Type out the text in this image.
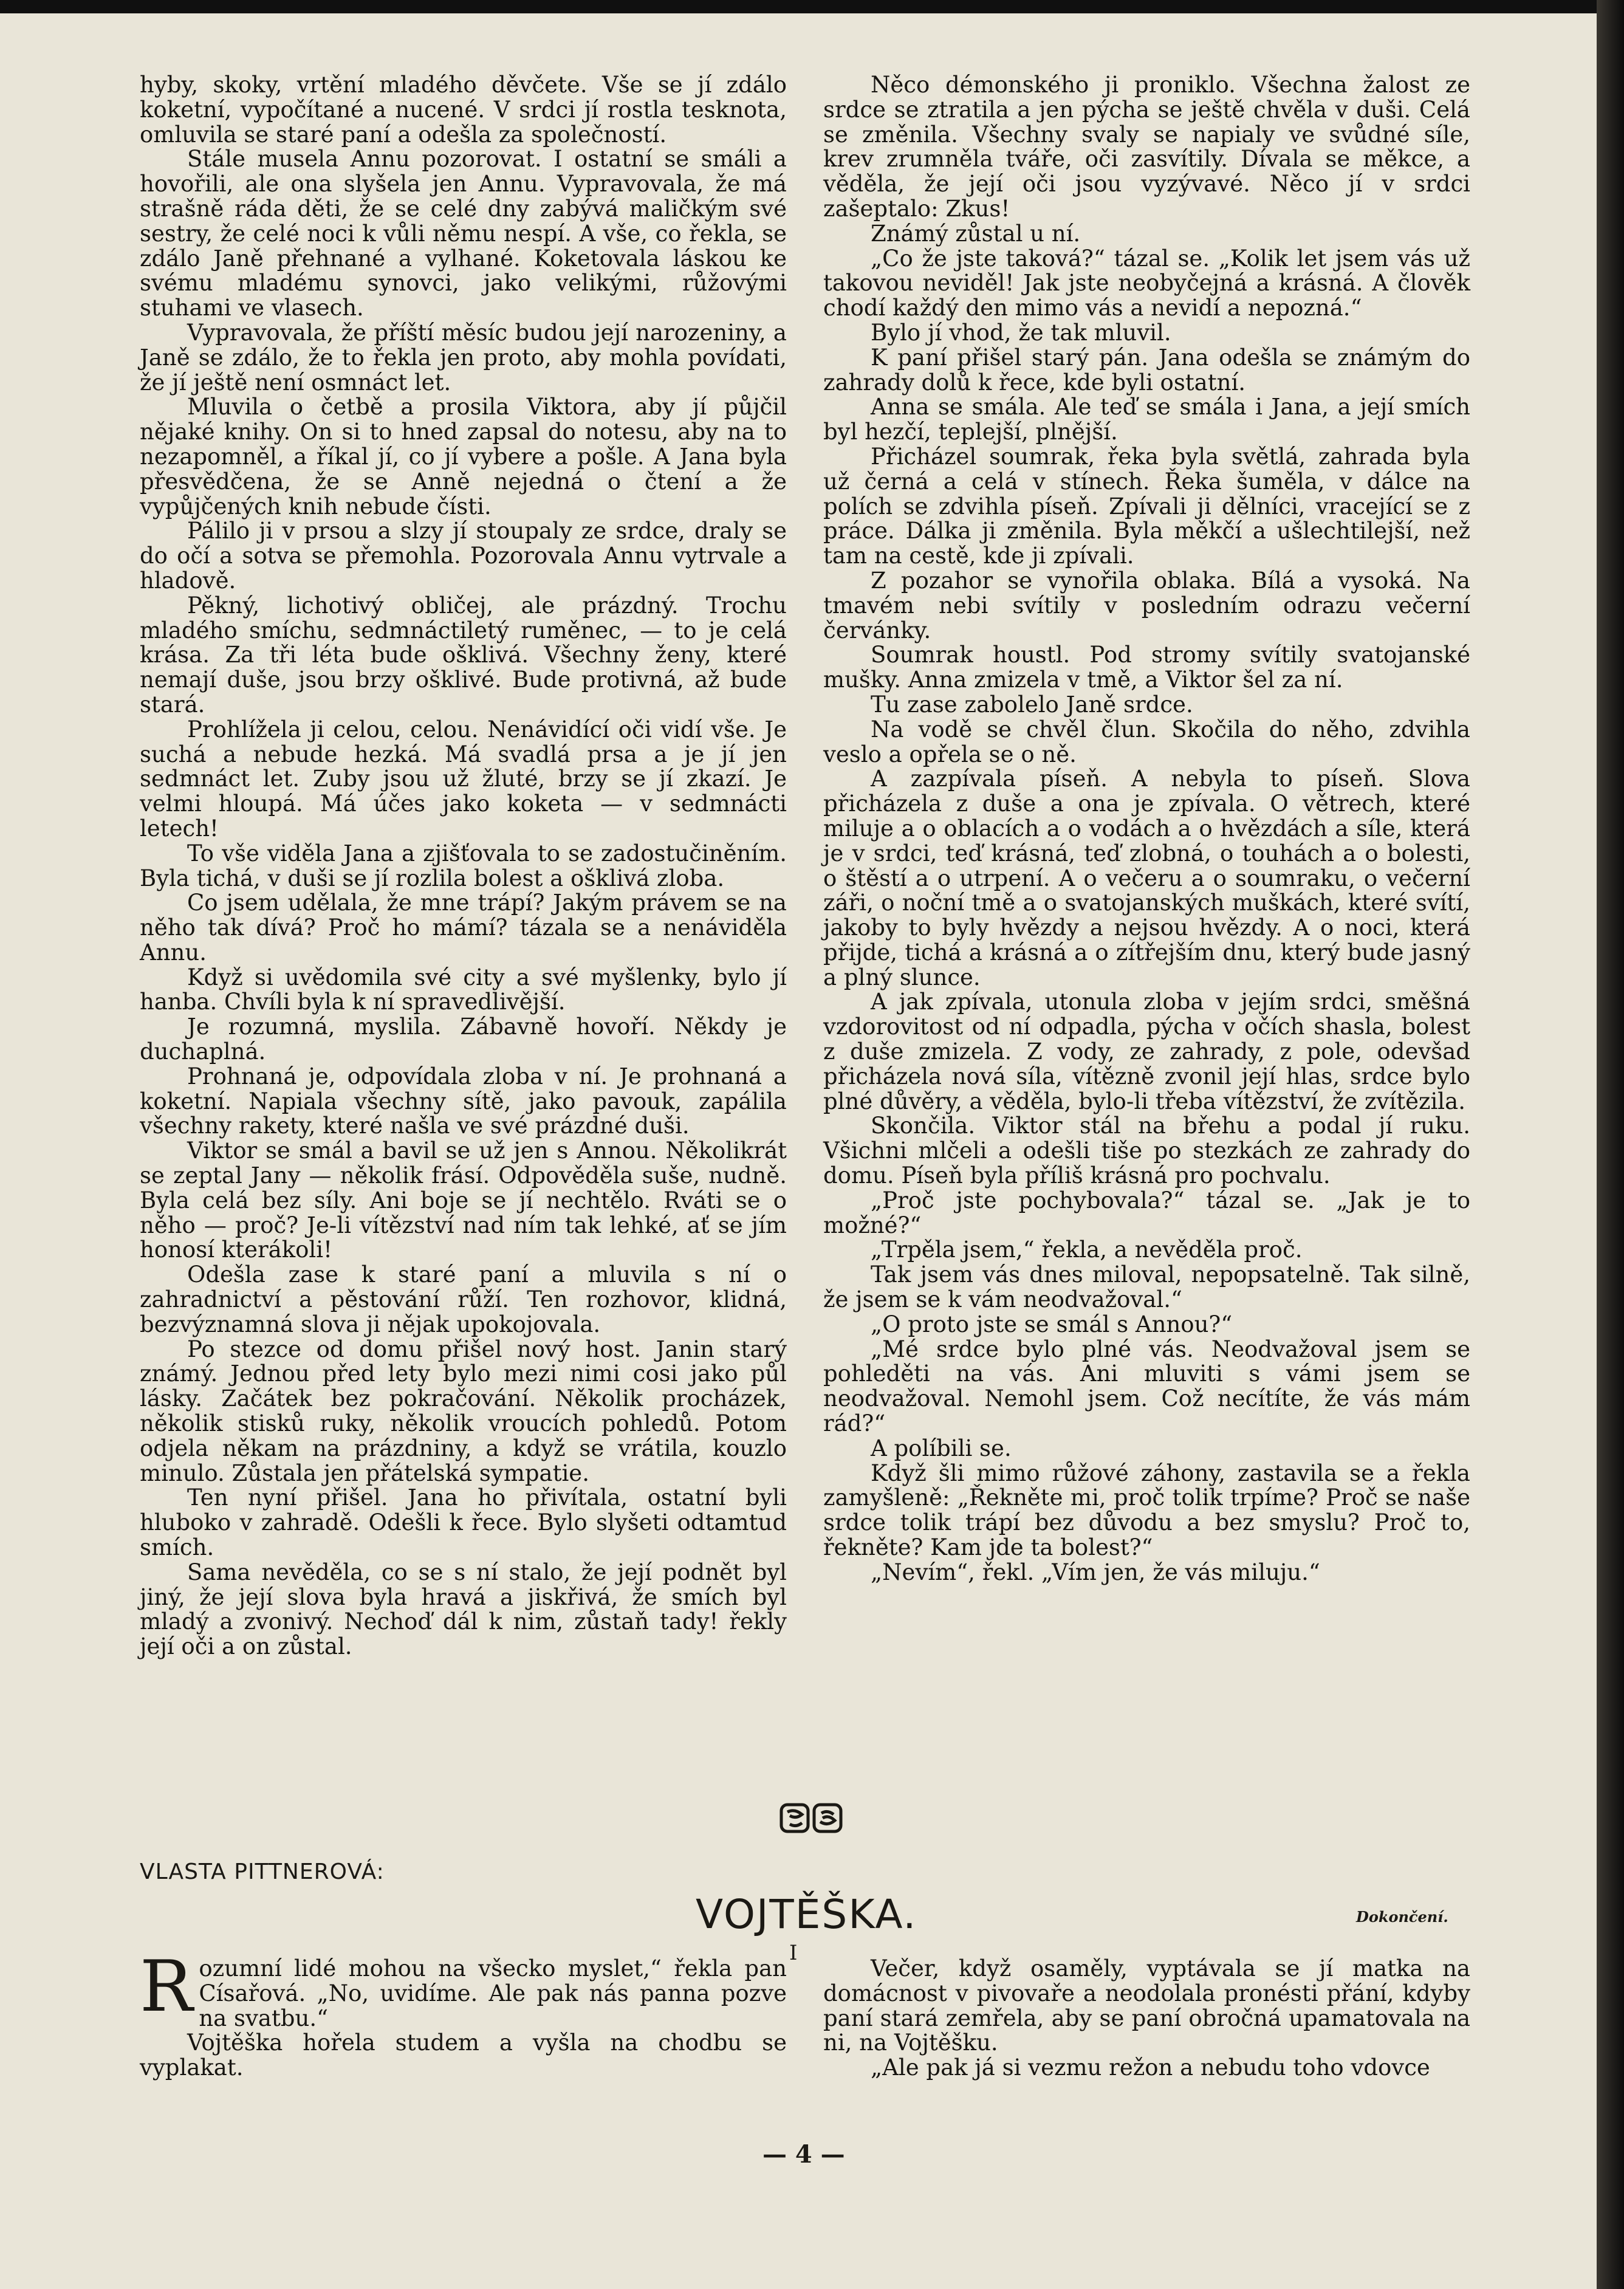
hyby, skoky, vrtění mladého děvčete. Vše se jí zdálo koketní, vypočítané a nucené. V srdci jí rostla tesknota, omluvila se staré paní a odešla za společností.

Stále musela Annu pozorovat. I ostatní se smáli a hovořili, ale ona slyšela jen Annu. Vypravovala, že má strašně ráda děti, že se celé dny zabývá maličkým své sestry, že celé noci k vůli němu nespí. A vše, co řekla, se zdálo Janě přehnané a vylhané. Koketovala láskou ke svému mladému synovci, jako velikými, růžovými stuhami ve vlasech.

Vypravovala, že příští měsíc budou její narozeniny, a Janě se zdálo, že to řekla jen proto, aby mohla povídati, že jí ještě není osmnáct let.

Mluvila o četbě a prosila Viktora, aby jí půjčil nějaké knihy. On si to hned zapsal do notesu, aby na to nezapomněl, a říkal jí, co jí vybere a pošle. A Jana byla přesvědčena, že se Anně nejedná o čtení a že vypůjčených knih nebude čísti.

Pálilo ji v prsou a slzy jí stoupaly ze srdce, draly se do očí a sotva se přemohla. Pozorovala Annu vytrvale a hladově.

Pěkný, lichotivý obličej, ale prázdný. Trochu mladého smíchu, sedmnáctiletý ruměnec, — to je celá krása. Za tři léta bude ošklivá. Všechny ženy, které nemají duše, jsou brzy ošklivé. Bude protivná, až bude stará.

Prohlížela ji celou, celou. Nenávidící oči vidí vše. Je suchá a nebude hezká. Má svadlá prsa a je jí jen sedmnáct let. Zuby jsou už žluté, brzy se jí zkazí. Je velmi hloupá. Má účes jako koketa — v sedmnácti letech!

To vše viděla Jana a zjišťovala to se zadostučiněním. Byla tichá, v duši se jí rozlila bolest a ošklivá zloba.

Co jsem udělala, že mne trápí? Jakým právem se na něho tak dívá? Proč ho mámí? tázala se a nenáviděla Annu.

Když si uvědomila své city a své myšlenky, bylo jí hanba. Chvíli byla k ní spravedlivější.

Je rozumná, myslila. Zábavně hovoří. Někdy je duchaplná.

Prohnaná je, odpovídala zloba v ní. Je prohnaná a koketní. Napiala všechny sítě, jako pavouk, zapálila všechny rakety, které našla ve své prázdné duši.

Viktor se smál a bavil se už jen s Annou. Několikrát se zeptal Jany — několik frásí. Odpověděla suše, nudně. Byla celá bez síly. Ani boje se jí nechtělo. Rváti se o něho — proč? Je-li vítězství nad ním tak lehké, ať se jím honosí kterákoli!

Odešla zase k staré paní a mluvila s ní o zahradnictví a pěstování růží. Ten rozhovor, klidná, bezvýznamná slova ji nějak upokojovala.

Po stezce od domu přišel nový host. Janin starý známý. Jednou před lety bylo mezi nimi cosi jako půl lásky. Začátek bez pokračování. Několik procházek, několik stisků ruky, několik vroucích pohledů. Potom odjela někam na prázdniny, a když se vrátila, kouzlo minulo. Zůstala jen přátelská sympatie.

Ten nyní přišel. Jana ho přivítala, ostatní byli hluboko v zahradě. Odešli k řece. Bylo slyšeti odtamtud smích.

Sama nevěděla, co se s ní stalo, že její podnět byl jiný, že její slova byla hravá a jiskřivá, že smích byl mladý a zvonivý. Nechoď dál k nim, zůstaň tady! řekly její oči a on zůstal.

Něco démonského ji proniklo. Všechna žalost ze srdce se ztratila a jen pýcha se ještě chvěla v duši. Celá se změnila. Všechny svaly se napialy ve svůdné síle, krev zrumněla tváře, oči zasvítily. Dívala se měkce, a věděla, že její oči jsou vyzývavé. Něco jí v srdci zašeptalo: Zkus!

Známý zůstal u ní.

„Co že jste taková?“ tázal se. „Kolik let jsem vás už takovou neviděl! Jak jste neobyčejná a krásná. A člověk chodí každý den mimo vás a nevidí a nepozná.“

Bylo jí vhod, že tak mluvil.

K paní přišel starý pán. Jana odešla se známým do zahrady dolů k řece, kde byli ostatní.

Anna se smála. Ale teď se smála i Jana, a její smích byl hezčí, teplejší, plnější.

Přicházel soumrak, řeka byla světlá, zahrada byla už černá a celá v stínech. Řeka šuměla, v dálce na polích se zdvihla píseň. Zpívali ji dělníci, vracející se z práce. Dálka ji změnila. Byla měkčí a ušlechtilejší, než tam na cestě, kde ji zpívali.

Z pozahor se vynořila oblaka. Bílá a vysoká. Na tmavém nebi svítily v posledním odrazu večerní červánky.

Soumrak houstl. Pod stromy svítily svatojanské mušky. Anna zmizela v tmě, a Viktor šel za ní.

Tu zase zabolelo Janě srdce.

Na vodě se chvěl člun. Skočila do něho, zdvihla veslo a opřela se o ně.

A zazpívala píseň. A nebyla to píseň. Slova přicházela z duše a ona je zpívala. O větrech, které miluje a o oblacích a o vodách a o hvězdách a síle, která je v srdci, teď krásná, teď zlobná, o touhách a o bolesti, o štěstí a o utrpení. A o večeru a o soumraku, o večerní záři, o noční tmě a o svatojanských muškách, které svítí, jakoby to byly hvězdy a nejsou hvězdy. A o noci, která přijde, tichá a krásná a o zítřejším dnu, který bude jasný a plný slunce.

A jak zpívala, utonula zloba v jejím srdci, směšná vzdorovitost od ní odpadla, pýcha v očích shasla, bolest z duše zmizela. Z vody, ze zahrady, z pole, odevšad přicházela nová síla, vítězně zvonil její hlas, srdce bylo plné důvěry, a věděla, bylo-li třeba vítězství, že zvítězila.

Skončila. Viktor stál na břehu a podal jí ruku. Všichni mlčeli a odešli tiše po stezkách ze zahrady do domu. Píseň byla příliš krásná pro pochvalu.

„Proč jste pochybovala?“ tázal se. „Jak je to možné?“

„Trpěla jsem,“ řekla, a nevěděla proč.

Tak jsem vás dnes miloval, nepopsatelně. Tak silně, že jsem se k vám neodvažoval.“

„O proto jste se smál s Annou?“

„Mé srdce bylo plné vás. Neodvažoval jsem se pohleděti na vás. Ani mluviti s vámi jsem se neodvažoval. Nemohl jsem. Což necítíte, že vás mám rád?“

A políbili se.

Když šli mimo růžové záhony, zastavila se a řekla zamyšleně: „Řekněte mi, proč tolik trpíme? Proč se naše srdce tolik trápí bez důvodu a bez smyslu? Proč to, řekněte? Kam jde ta bolest?“

„Nevím“, řekl. „Vím jen, že vás miluju.“

VLASTA PITTNEROVÁ:
VOJTĚŠKA.	Dokončení.
I

Rozumní lidé mohou na všecko myslet,“ řekla pan Císařová. „No, uvidíme. Ale pak nás panna pozve na svatbu.“

Vojtěška hořela studem a vyšla na chodbu se vyplakat.

Večer, když osaměly, vyptávala se jí matka na domácnost v pivovaře a neodolala pronésti přání, kdyby paní stará zemřela, aby se paní obročná upamatovala na ni, na Vojtěšku.

„Ale pak já si vezmu režon a nebudu toho vdovce

— 4 —
